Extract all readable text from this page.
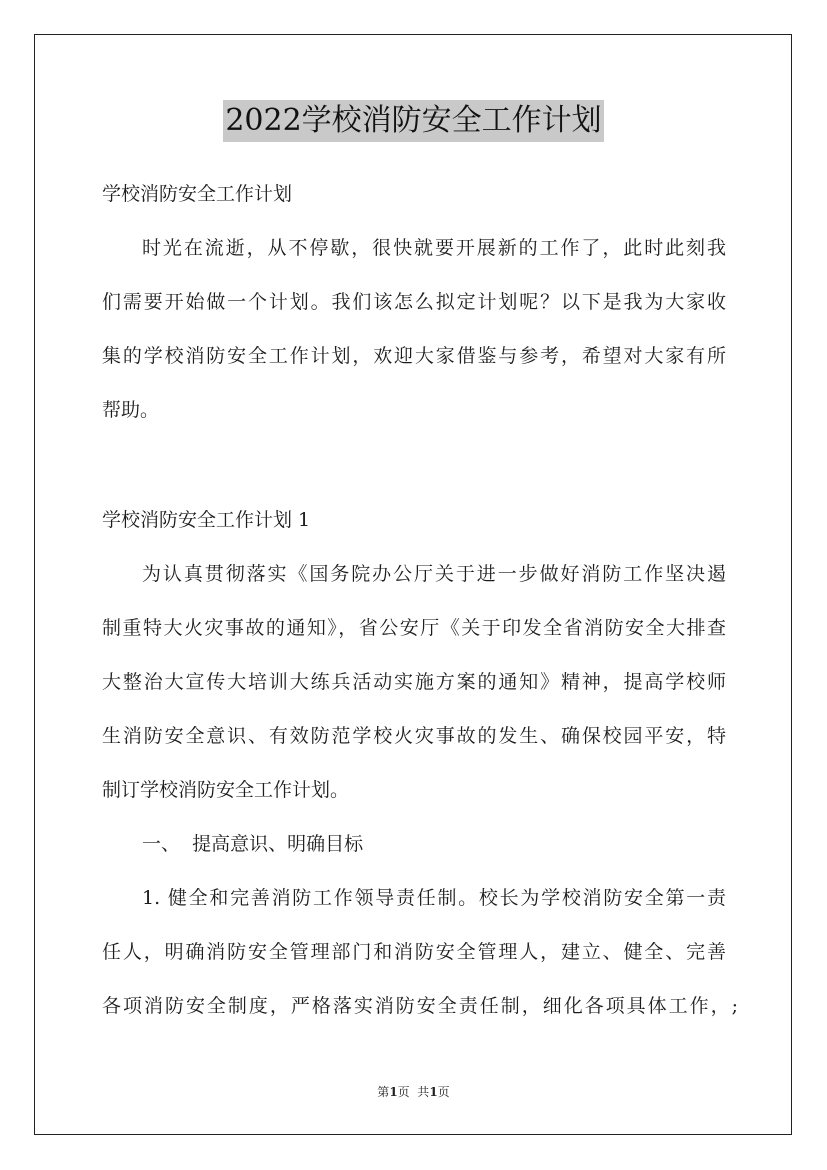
2022学校消防安全工作计划
学校消防安全工作计划
时光在流逝，从不停歇，很快就要开展新的工作了，此时此刻我
们需要开始做一个计划。我们该怎么拟定计划呢？以下是我为大家收
集的学校消防安全工作计划，欢迎大家借鉴与参考，希望对大家有所
帮助。
学校消防安全工作计划 1
为认真贯彻落实《国务院办公厅关于进一步做好消防工作坚决遏
制重特大火灾事故的通知》，省公安厅《关于印发全省消防安全大排查
大整治大宣传大培训大练兵活动实施方案的通知》精神，提高学校师
生消防安全意识、有效防范学校火灾事故的发生、确保校园平安，特
制订学校消防安全工作计划。
一、  提高意识、明确目标
1. 健全和完善消防工作领导责任制。校长为学校消防安全第一责
任人，明确消防安全管理部门和消防安全管理人，建立、健全、完善
各项消防安全制度，严格落实消防安全责任制，细化各项具体工作，;
第1页  共1页
